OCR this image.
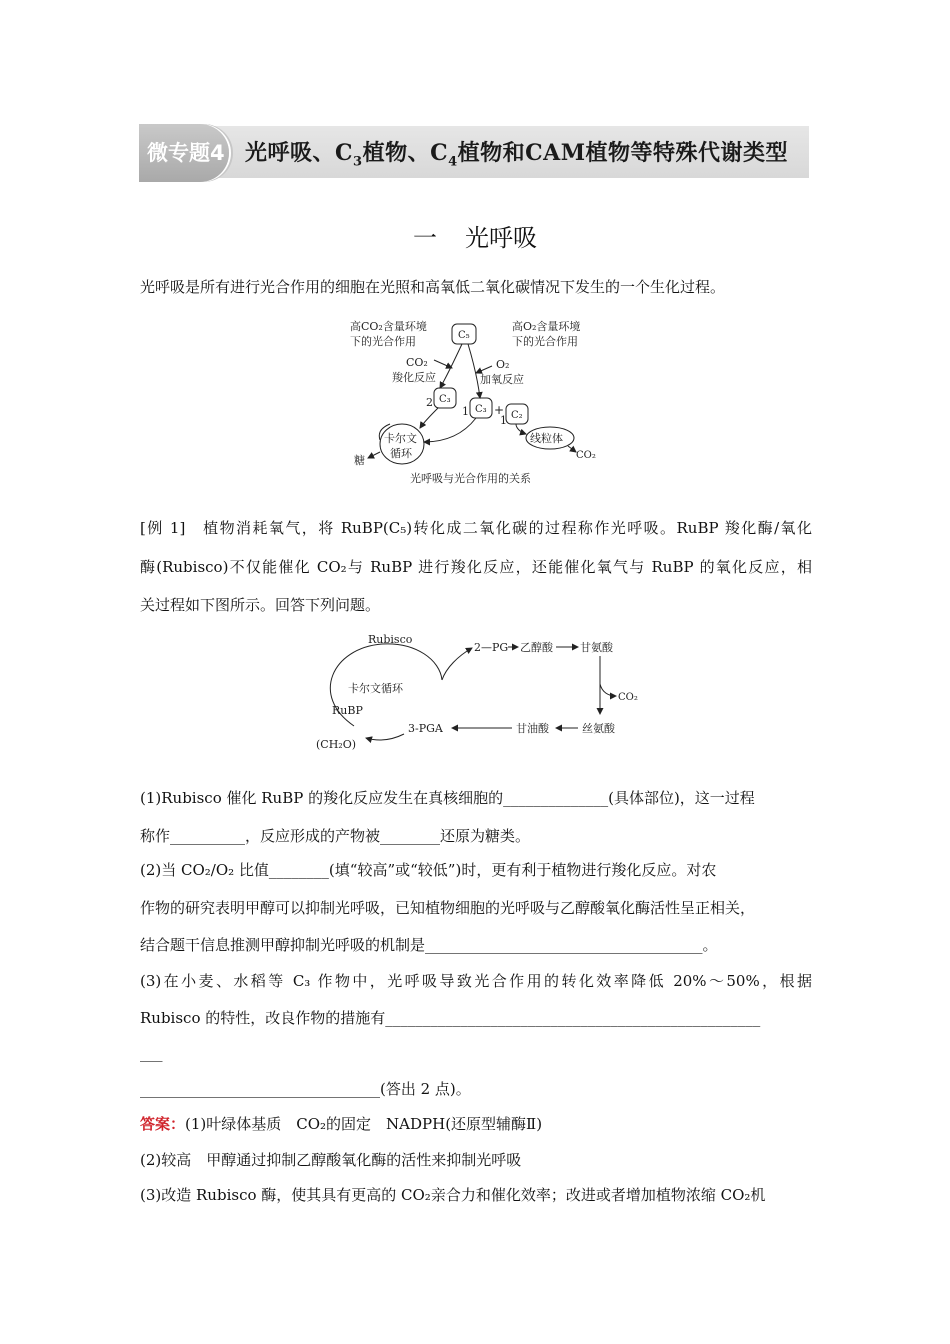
微专题4 光呼吸、$C_3$植物、$C_4$植物和CAM植物等特殊代谢类型
一 光呼吸
光呼吸是所有进行光合作用的细胞在光照和高氧低二氧化碳情况下发生的一个生化过程。
高CO₂含量环境
下的光合作用
高O₂含量环境
下的光合作用
C₅
CO₂
羧化反应
O₂
加氧反应
2 C₃
1 C₃ +
1 C₂
卡尔文
循环
糖
线粒体
CO₂
光呼吸与光合作用的关系
[例 1]　植物消耗氧气，将 RuBP(C₅)转化成二氧化碳的过程称作光呼吸。RuBP 羧化酶/氧化
酶(Rubisco)不仅能催化 CO₂与 RuBP 进行羧化反应，还能催化氧气与 RuBP 的氧化反应，相
关过程如下图所示。回答下列问题。
Rubisco
2—PG 乙醇酸 甘氨酸
CO₂
卡尔文循环
RuBP
丝氨酸
甘油酸
3-PGA
(CH₂O)
(1)Rubisco 催化 RuBP 的羧化反应发生在真核细胞的______________(具体部位)，这一过程
称作__________，反应形成的产物被________还原为糖类。
(2)当 CO₂/O₂ 比值________(填“较高”或“较低”)时，更有利于植物进行羧化反应。对农
作物的研究表明甲醇可以抑制光呼吸，已知植物细胞的光呼吸与乙醇酸氧化酶活性呈正相关，
结合题干信息推测甲醇抑制光呼吸的机制是_____________________________________。
(3)在小麦、水稻等 C₃ 作物中，光呼吸导致光合作用的转化效率降低 20%～50%，根据
Rubisco 的特性，改良作物的措施有__________________________________________________
___
________________________________(答出 2 点)。
答案：(1)叶绿体基质　CO₂的固定　NADPH(还原型辅酶Ⅱ)
(2)较高　甲醇通过抑制乙醇酸氧化酶的活性来抑制光呼吸
(3)改造 Rubisco 酶，使其具有更高的 CO₂亲合力和催化效率；改进或者增加植物浓缩 CO₂机
